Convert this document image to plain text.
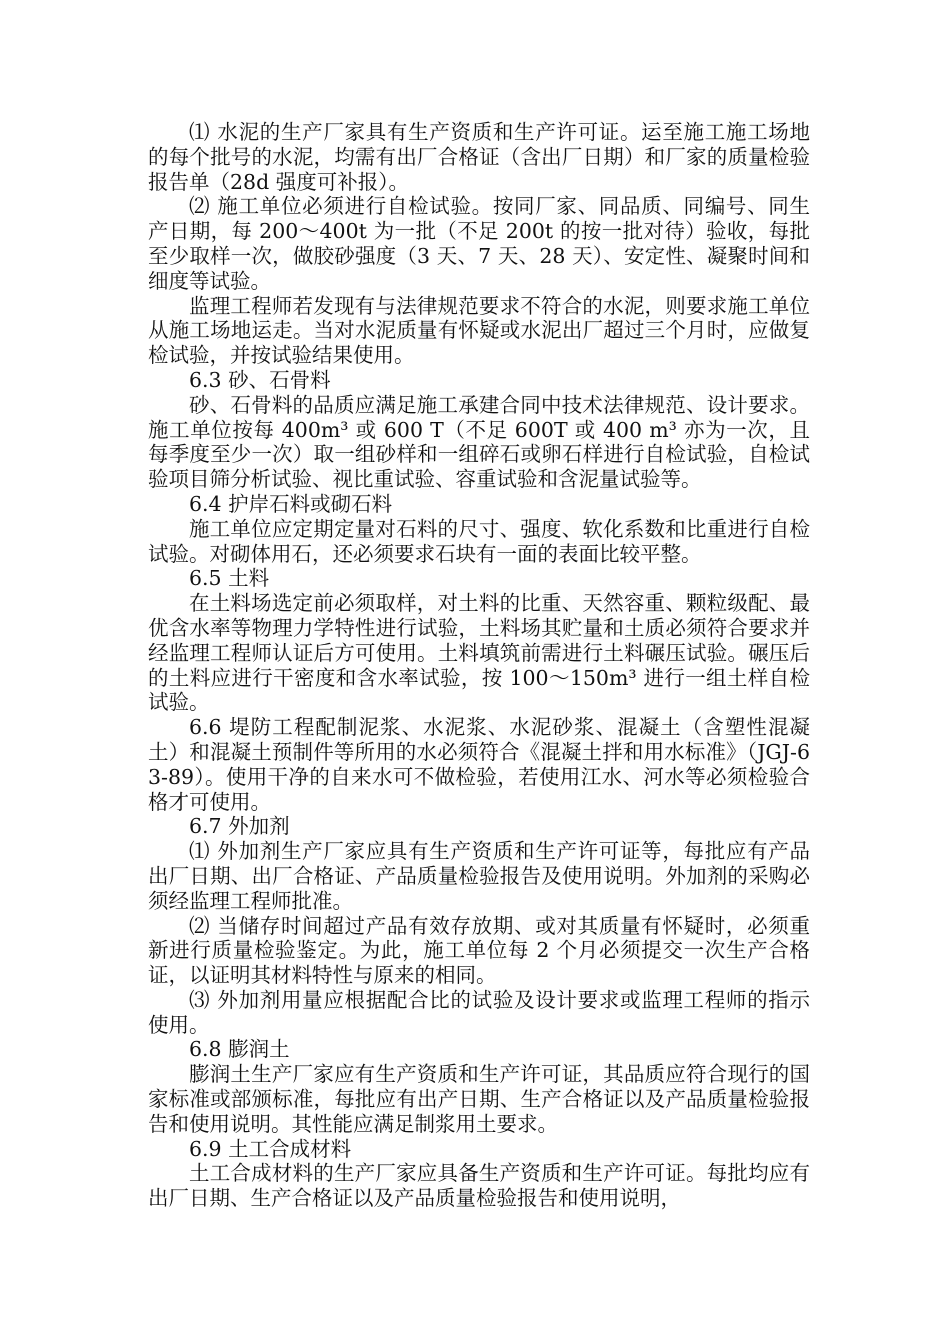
⑴ 水泥的生产厂家具有生产资质和生产许可证。运至施工施工场地的每个批号的水泥，均需有出厂合格证（含出厂日期）和厂家的质量检验报告单（28d 强度可补报）。

⑵ 施工单位必须进行自检试验。按同厂家、同品质、同编号、同生产日期，每 200～400t 为一批（不足 200t 的按一批对待）验收，每批至少取样一次，做胶砂强度（3 天、7 天、28 天）、安定性、凝聚时间和细度等试验。

监理工程师若发现有与法律规范要求不符合的水泥，则要求施工单位从施工场地运走。当对水泥质量有怀疑或水泥出厂超过三个月时，应做复检试验，并按试验结果使用。

6.3 砂、石骨料

砂、石骨料的品质应满足施工承建合同中技术法律规范、设计要求。施工单位按每 400m³ 或 600 T（不足 600T 或 400 m³ 亦为一次，且每季度至少一次）取一组砂样和一组碎石或卵石样进行自检试验，自检试验项目筛分析试验、视比重试验、容重试验和含泥量试验等。

6.4 护岸石料或砌石料

施工单位应定期定量对石料的尺寸、强度、软化系数和比重进行自检试验。对砌体用石，还必须要求石块有一面的表面比较平整。

6.5 土料

在土料场选定前必须取样，对土料的比重、天然容重、颗粒级配、最优含水率等物理力学特性进行试验，土料场其贮量和土质必须符合要求并经监理工程师认证后方可使用。土料填筑前需进行土料碾压试验。碾压后的土料应进行干密度和含水率试验，按 100～150m³ 进行一组土样自检试验。

6.6 堤防工程配制泥浆、水泥浆、水泥砂浆、混凝土（含塑性混凝土）和混凝土预制件等所用的水必须符合《混凝土拌和用水标准》（JGJ-63-89）。使用干净的自来水可不做检验，若使用江水、河水等必须检验合格才可使用。

6.7 外加剂

⑴ 外加剂生产厂家应具有生产资质和生产许可证等，每批应有产品出厂日期、出厂合格证、产品质量检验报告及使用说明。外加剂的采购必须经监理工程师批准。

⑵ 当储存时间超过产品有效存放期、或对其质量有怀疑时，必须重新进行质量检验鉴定。为此，施工单位每 2 个月必须提交一次生产合格证，以证明其材料特性与原来的相同。

⑶ 外加剂用量应根据配合比的试验及设计要求或监理工程师的指示使用。

6.8 膨润土

膨润土生产厂家应有生产资质和生产许可证，其品质应符合现行的国家标准或部颁标准，每批应有出产日期、生产合格证以及产品质量检验报告和使用说明。其性能应满足制浆用土要求。

6.9 土工合成材料

土工合成材料的生产厂家应具备生产资质和生产许可证。每批均应有出厂日期、生产合格证以及产品质量检验报告和使用说明，
